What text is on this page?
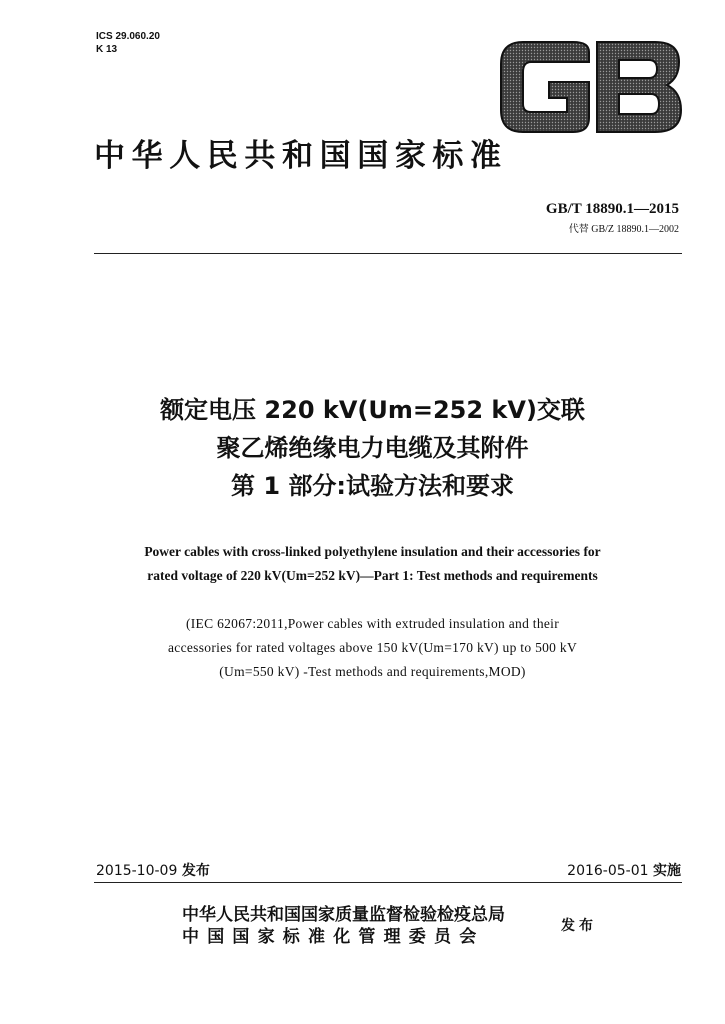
ICS 29.060.20
K 13
中华人民共和国国家标准
GB/T 18890.1—2015
代替 GB/Z 18890.1—2002
额定电压 220 kV(Um=252 kV)交联
聚乙烯绝缘电力电缆及其附件
第 1 部分:试验方法和要求
Power cables with cross-linked polyethylene insulation and their accessories for
rated voltage of 220 kV(Um=252 kV)—Part 1: Test methods and requirements
(IEC 62067:2011,Power cables with extruded insulation and their
accessories for rated voltages above 150 kV(Um=170 kV) up to 500 kV
(Um=550 kV) -Test methods and requirements,MOD)
2015-10-09 发布	2016-05-01 实施
中华人民共和国国家质量监督检验检疫总局
中国国家标准化管理委员会
发布
